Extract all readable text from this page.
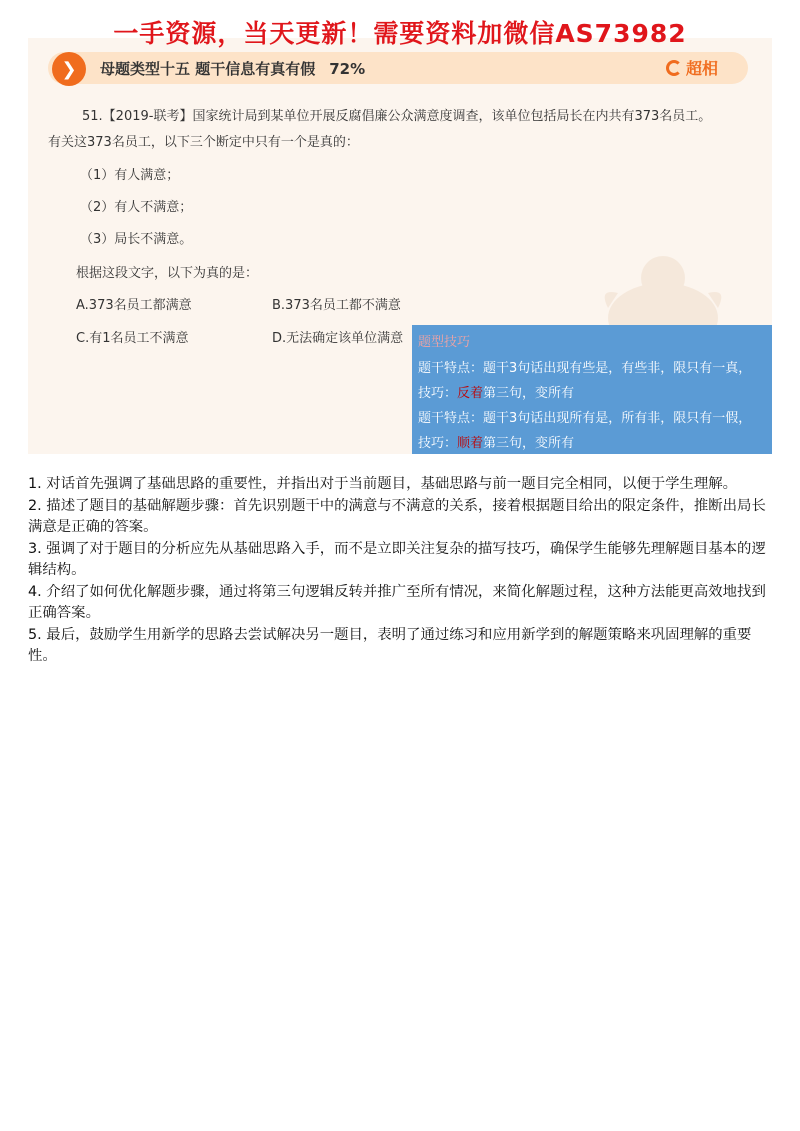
一手资源，当天更新！需要资料加微信AS73982
❯	母题类型十五 题干信息有真有假 72%	超相
51.【2019-联考】国家统计局到某单位开展反腐倡廉公众满意度调查，该单位包括局长在内共有373名员工。
有关这373名员工，以下三个断定中只有一个是真的：
（1）有人满意；
（2）有人不满意；
（3）局长不满意。
根据这段文字，以下为真的是：
A.373名员工都满意	B.373名员工都不满意
C.有1名员工不满意	D.无法确定该单位满意 题型技巧
题干特点：题干3句话出现有些是，有些非，限只有一真，
技巧：反着第三句，变所有
题干特点：题干3句话出现所有是，所有非，限只有一假，
技巧：顺着第三句，变所有

1. 对话首先强调了基础思路的重要性，并指出对于当前题目，基础思路与前一题目完全相同，以便于学生理解。

2. 描述了题目的基础解题步骤：首先识别题干中的满意与不满意的关系，接着根据题目给出的限定条件，推断出局长满意是正确的答案。

3. 强调了对于题目的分析应先从基础思路入手，而不是立即关注复杂的描写技巧，确保学生能够先理解题目基本的逻辑结构。

4. 介绍了如何优化解题步骤，通过将第三句逻辑反转并推广至所有情况，来简化解题过程，这种方法能更高效地找到正确答案。

5. 最后，鼓励学生用新学的思路去尝试解决另一题目，表明了通过练习和应用新学到的解题策略来巩固理解的重要性。
